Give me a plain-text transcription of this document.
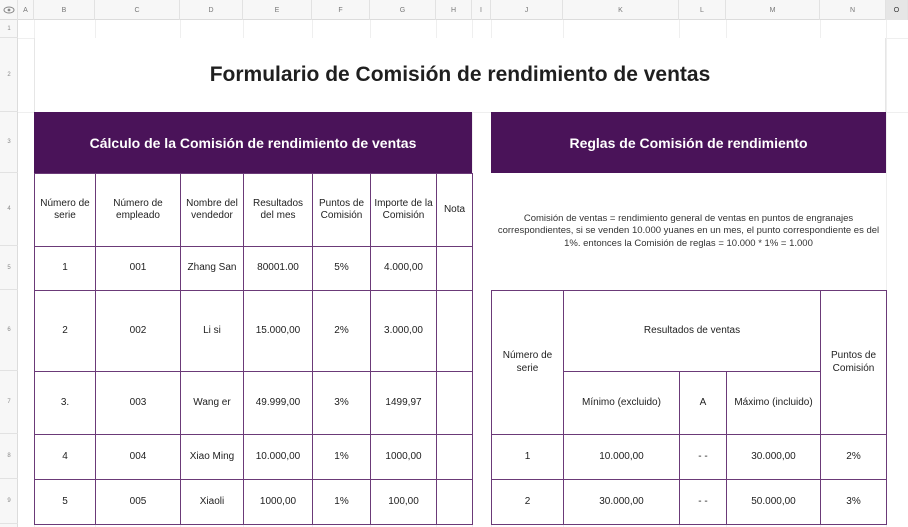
A	B	C	D	E	F	G	H	I	J	K	L	M	N	O
1
2
3
4
5
6
7
8
9
Formulario de Comisión de rendimiento de ventas
Cálculo de la Comisión de rendimiento de ventas
Número de serie	Número de empleado	Nombre del vendedor	Resultados del mes	Puntos de Comisión	Importe de la Comisión	Nota
1	001	Zhang San	80001.00	5%	4.000,00	
2	002	Li si	15.000,00	2%	3.000,00	
3.	003	Wang er	49.999,00	3%	1499,97	
4	004	Xiao Ming	10.000,00	1%	1000,00	
5	005	Xiaoli	1000,00	1%	100,00	
Reglas de Comisión de rendimiento
Comisión de ventas = rendimiento general de ventas en puntos de engranajes correspondientes, si se venden 10.000 yuanes en un mes, el punto correspondiente es del 1%. entonces la Comisión de reglas = 10.000 * 1% = 1.000
Número de serie	Resultados de ventas			Puntos de Comisión
	Mínimo (excluido)	A	Máximo (incluido)	
1	10.000,00	- -	30.000,00	2%
2	30.000,00	- -	50.000,00	3%
